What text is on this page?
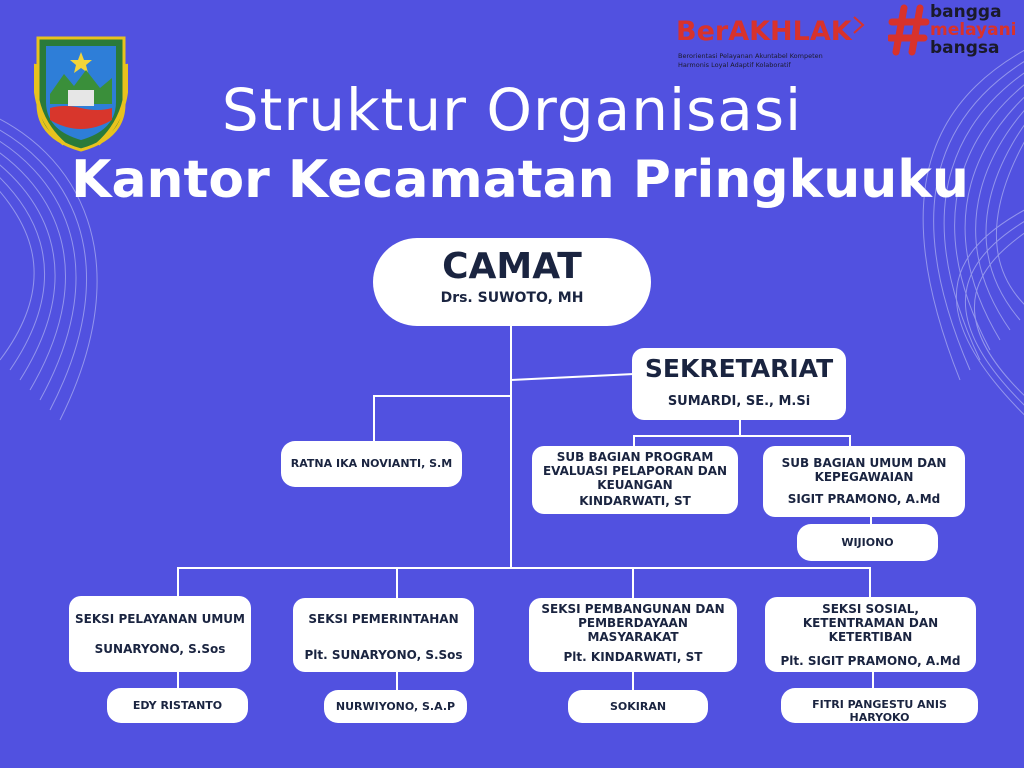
BerAKHLAK
Berorientasi Pelayanan Akuntabel Kompeten
Harmonis Loyal Adaptif Kolaboratif
bangga
melayani
bangsa
Struktur Organisasi
Kantor Kecamatan Pringkuuku
CAMAT
Drs. SUWOTO, MH
SEKRETARIAT
SUMARDI, SE., M.Si
RATNA IKA NOVIANTI, S.M	SUB BAGIAN PROGRAM EVALUASI PELAPORAN DAN KEUANGAN
KINDARWATI, ST
SUB BAGIAN UMUM DAN KEPEGAWAIAN
SIGIT PRAMONO, A.Md
WIJIONO
SEKSI PELAYANAN UMUM
SUNARYONO, S.Sos
EDY RISTANTO
SEKSI PEMERINTAHAN
Plt. SUNARYONO, S.Sos
NURWIYONO, S.A.P
SEKSI PEMBANGUNAN DAN PEMBERDAYAAN MASYARAKAT
Plt. KINDARWATI, ST
SOKIRAN
SEKSI SOSIAL, KETENTRAMAN DAN KETERTIBAN
Plt. SIGIT PRAMONO, A.Md
FITRI PANGESTU ANIS HARYOKO
